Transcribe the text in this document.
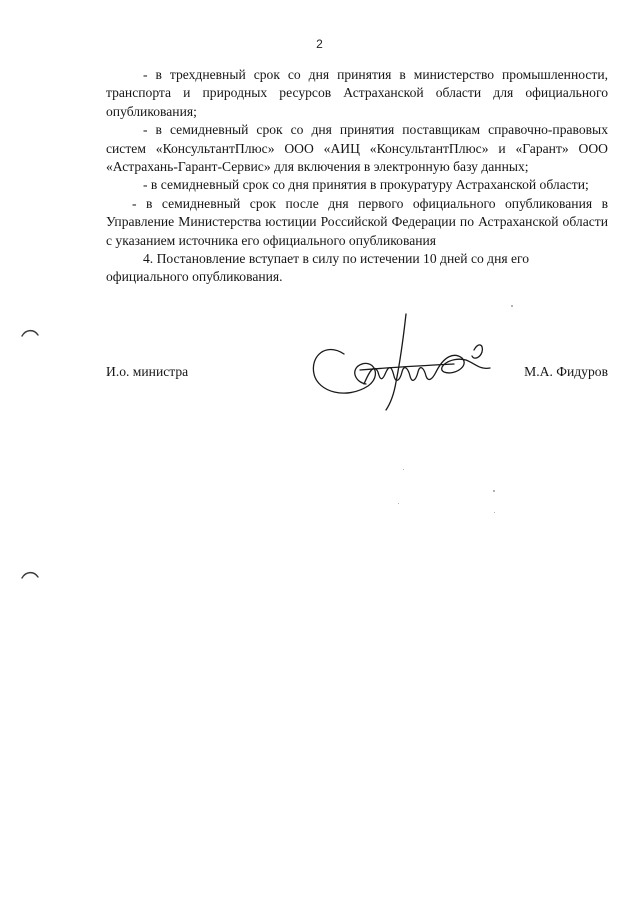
2

- в трехдневный срок со дня принятия в министерство промышленности, транспорта и природных ресурсов Астраханской области для официального опубликования;

- в семидневный срок со дня принятия поставщикам справочно-правовых систем «КонсультантПлюс» ООО «АИЦ «КонсультантПлюс» и «Гарант» ООО «Астрахань-Гарант-Сервис» для включения в электронную базу данных;

- в семидневный срок со дня принятия в прокуратуру Астраханской области;

- в семидневный срок после дня первого официального опубликования в Управление Министерства юстиции Российской Федерации по Астраханской области с указанием источника его официального опубликования

4. Постановление вступает в силу по истечении 10 дней со дня его официального опубликования.

И.о. министра	М.А. Фидуров
